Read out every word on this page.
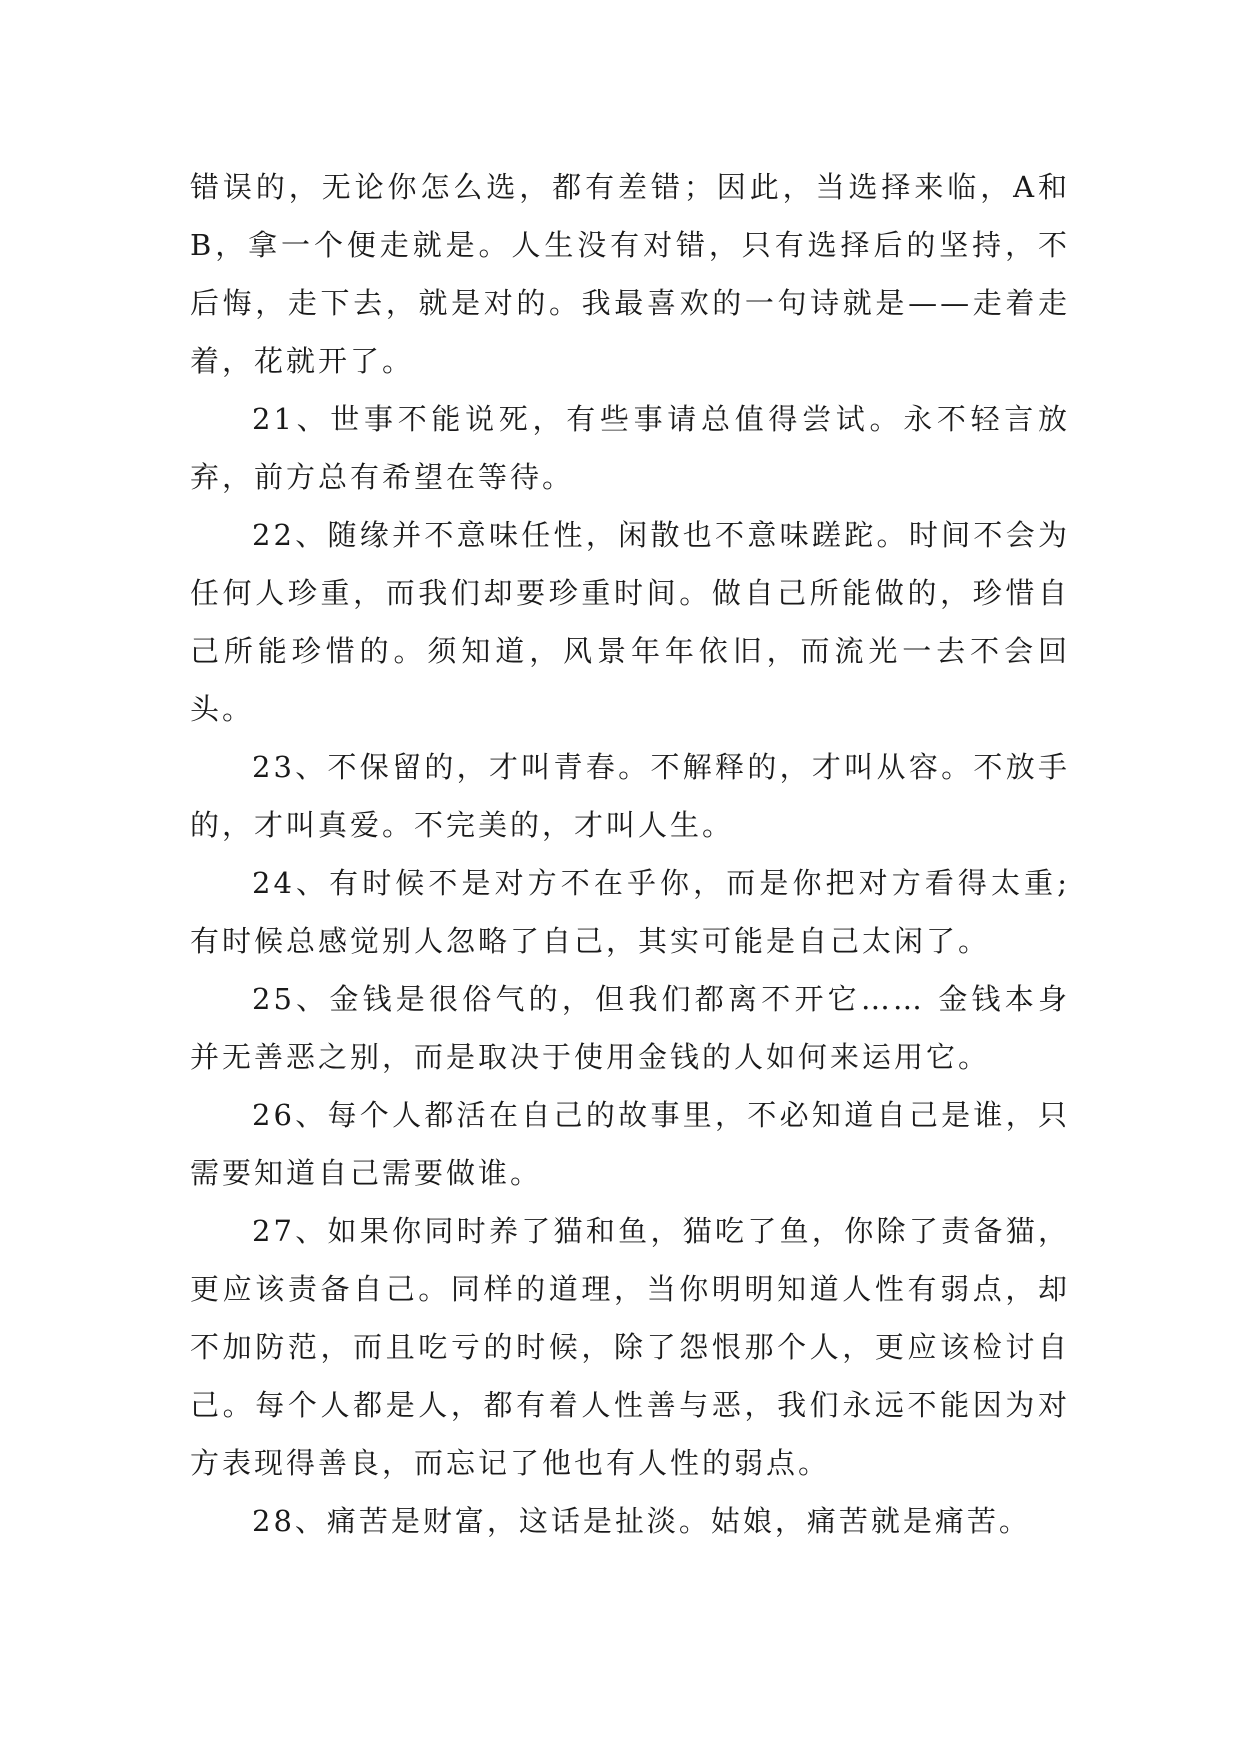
错误的，无论你怎么选，都有差错；因此，当选择来临，A和B，拿一个便走就是。人生没有对错，只有选择后的坚持，不后悔，走下去，就是对的。我最喜欢的一句诗就是——走着走着，花就开了。

21、世事不能说死，有些事请总值得尝试。永不轻言放弃，前方总有希望在等待。

22、随缘并不意味任性，闲散也不意味蹉跎。时间不会为任何人珍重，而我们却要珍重时间。做自己所能做的，珍惜自己所能珍惜的。须知道，风景年年依旧，而流光一去不会回头。

23、不保留的，才叫青春。不解释的，才叫从容。不放手的，才叫真爱。不完美的，才叫人生。

24、有时候不是对方不在乎你，而是你把对方看得太重;有时候总感觉别人忽略了自己，其实可能是自己太闲了。

25、金钱是很俗气的，但我们都离不开它…… 金钱本身并无善恶之别，而是取决于使用金钱的人如何来运用它。

26、每个人都活在自己的故事里，不必知道自己是谁，只需要知道自己需要做谁。

27、如果你同时养了猫和鱼，猫吃了鱼，你除了责备猫，更应该责备自己。同样的道理，当你明明知道人性有弱点，却不加防范，而且吃亏的时候，除了怨恨那个人，更应该检讨自己。每个人都是人，都有着人性善与恶，我们永远不能因为对方表现得善良，而忘记了他也有人性的弱点。

28、痛苦是财富，这话是扯淡。姑娘，痛苦就是痛苦。
